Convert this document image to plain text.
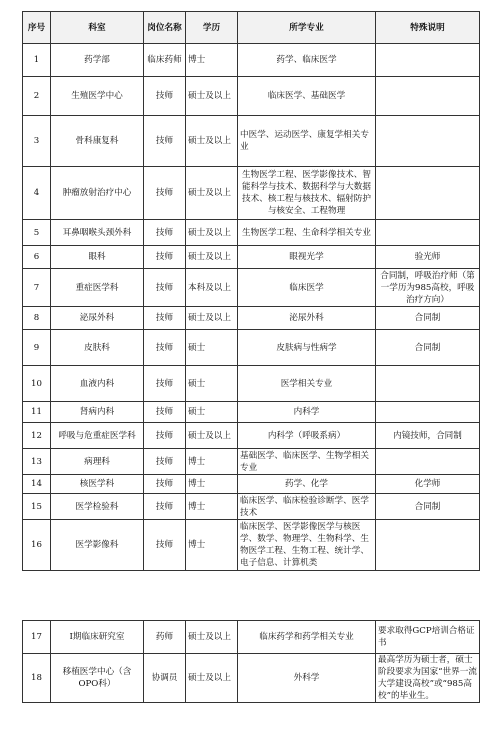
序号	科室	岗位名称	学历	所学专业	特殊说明
1	药学部	临床药师	博士	药学、临床医学	
2	生殖医学中心	技师	硕士及以上	临床医学、基础医学	
3	骨科康复科	技师	硕士及以上	中医学、运动医学、康复学相关专业	
4	肿瘤放射治疗中心	技师	硕士及以上	生物医学工程、医学影像技术、智能科学与技术、数据科学与大数据技术、核工程与核技术、辐射防护与核安全、工程物理	
5	耳鼻咽喉头颈外科	技师	硕士及以上	生物医学工程、生命科学相关专业	
6	眼科	技师	硕士及以上	眼视光学	验光师
7	重症医学科	技师	本科及以上	临床医学	合同制，呼吸治疗师（第一学历为985高校，呼吸治疗方向）
8	泌尿外科	技师	硕士及以上	泌尿外科	合同制
9	皮肤科	技师	硕士	皮肤病与性病学	合同制
10	血液内科	技师	硕士	医学相关专业	
11	肾病内科	技师	硕士	内科学	
12	呼吸与危重症医学科	技师	硕士及以上	内科学（呼吸系病）	内镜技师，合同制
13	病理科	技师	博士	基础医学、临床医学、生物学相关专业	
14	核医学科	技师	博士	药学、化学	化学师
15	医学检验科	技师	博士	临床医学、临床检验诊断学、医学技术	合同制
16	医学影像科	技师	博士	临床医学、医学影像医学与核医学、数学、物理学、生物科学、生物医学工程、生物工程、统计学、电子信息、计算机类	
17	I期临床研究室	药师	硕士及以上	临床药学和药学相关专业	要求取得GCP培训合格证书
18	移植医学中心（含OPO科）	协调员	硕士及以上	外科学	最高学历为硕士者，硕士阶段要求为国家“世界一流大学建设高校”或“985高校”的毕业生。
